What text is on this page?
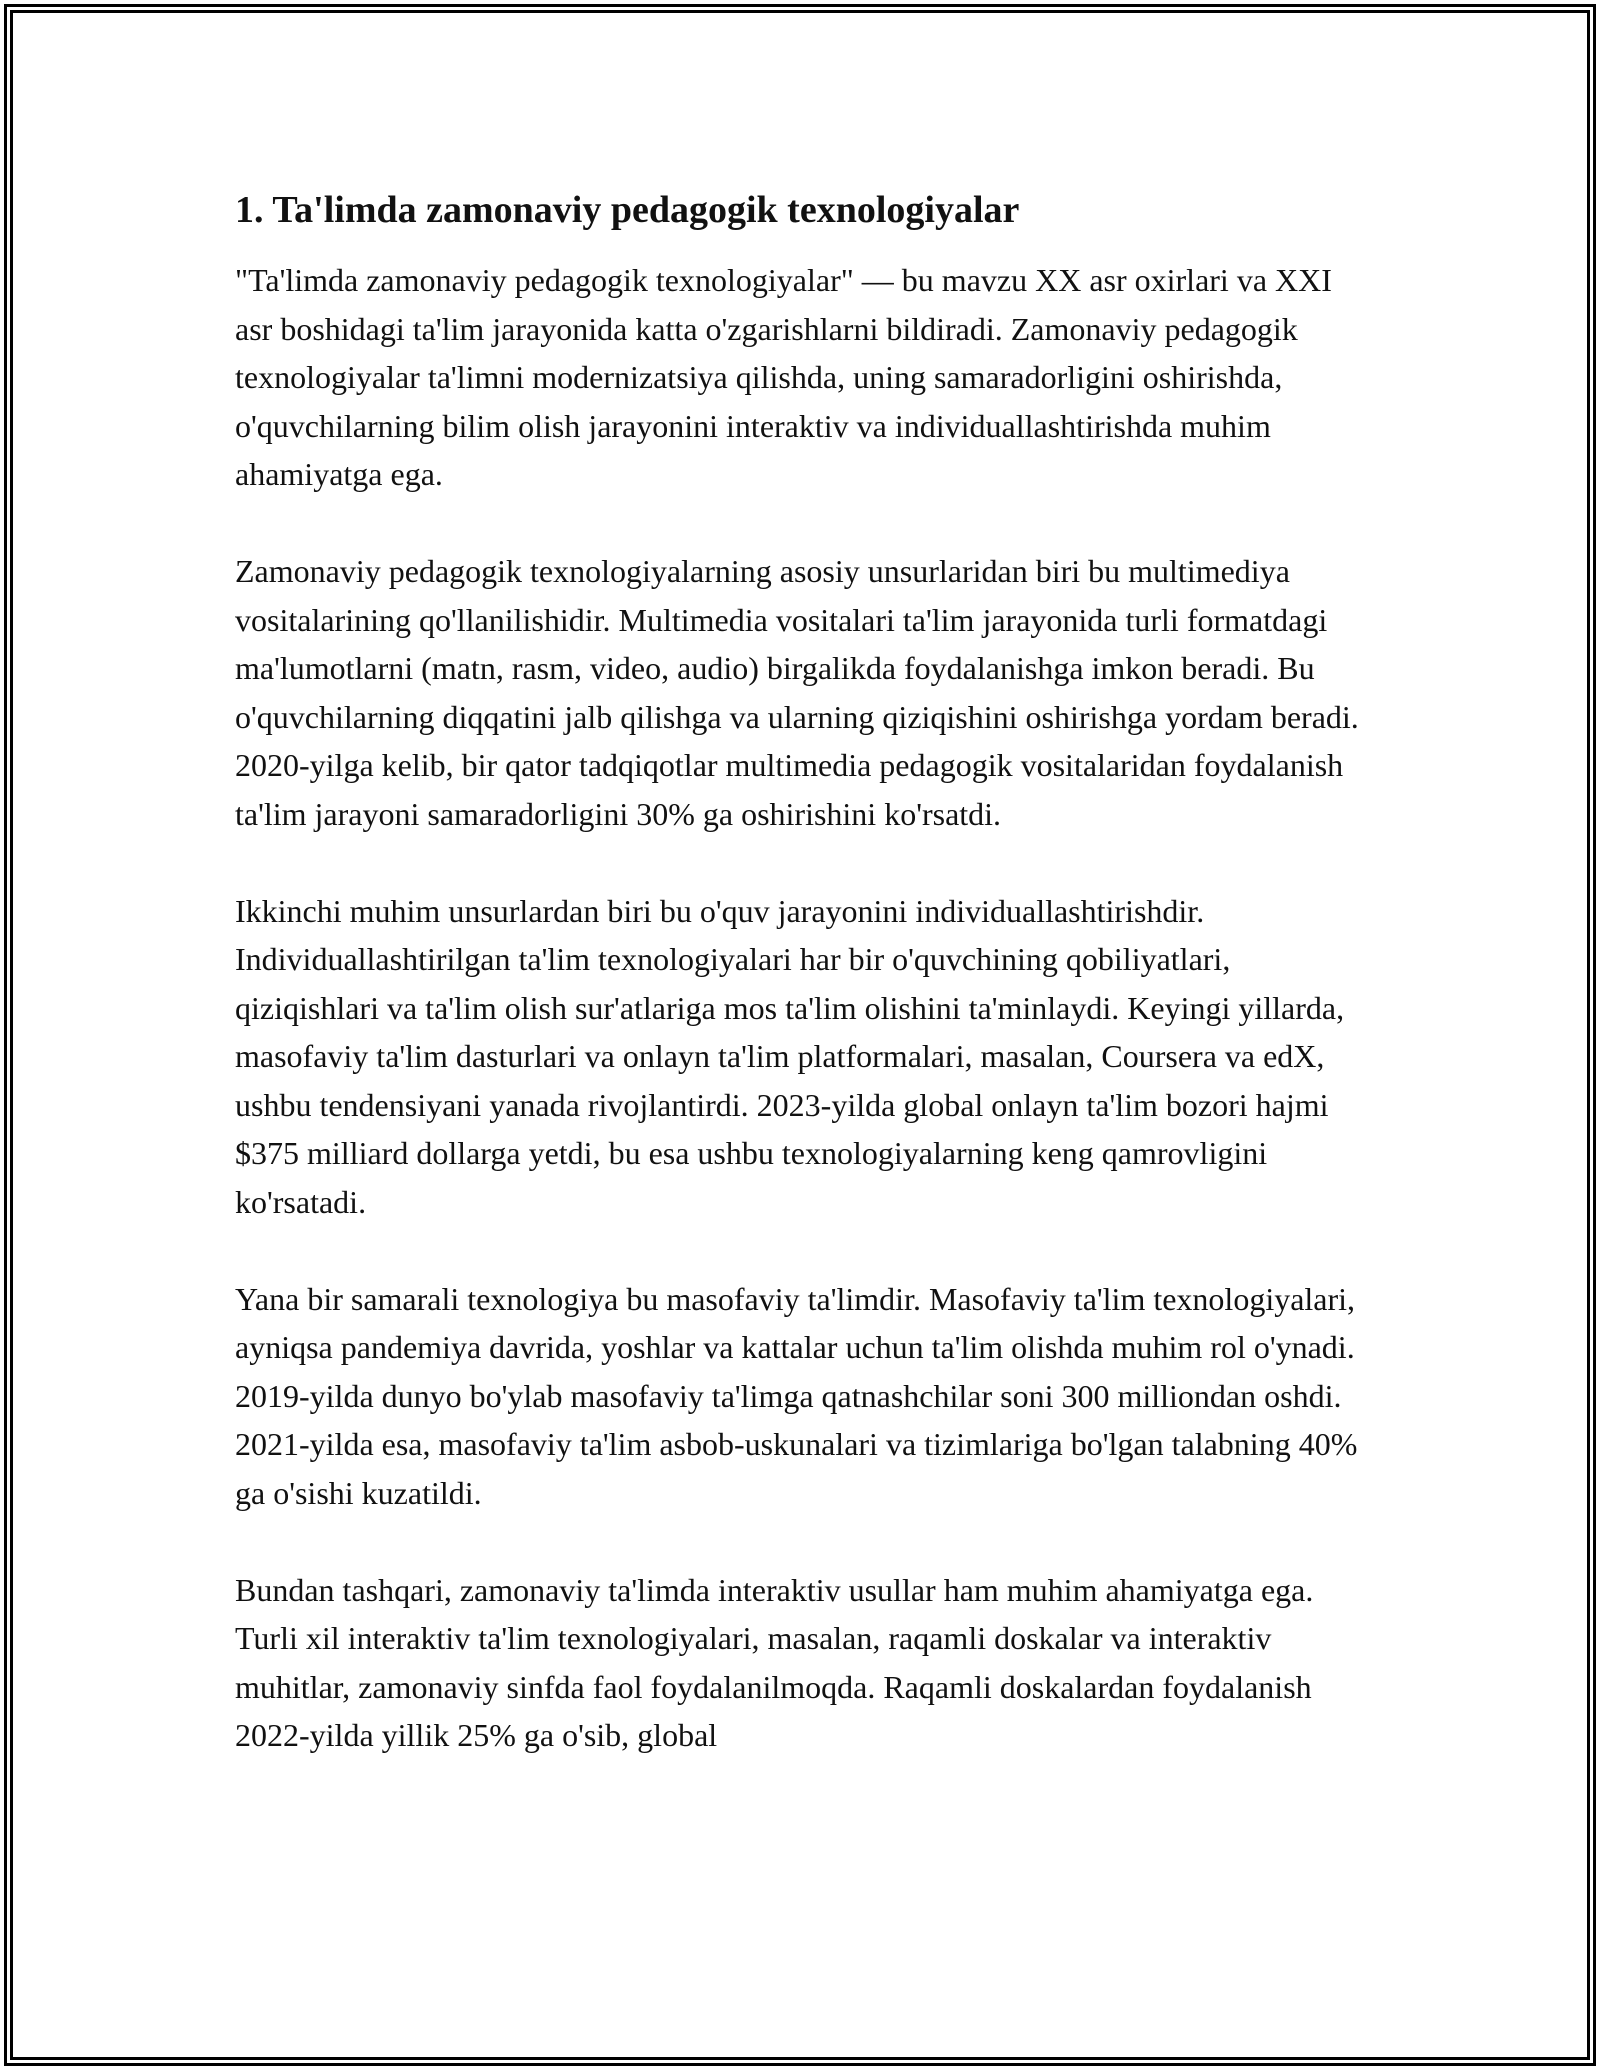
1. Ta'limda zamonaviy pedagogik texnologiyalar

"Ta'limda zamonaviy pedagogik texnologiyalar" — bu mavzu XX asr oxirlari va XXI asr boshidagi ta'lim jarayonida katta o'zgarishlarni bildiradi. Zamonaviy pedagogik texnologiyalar ta'limni modernizatsiya qilishda, uning samaradorligini oshirishda, o'quvchilarning bilim olish jarayonini interaktiv va individuallashtirishda muhim ahamiyatga ega.

Zamonaviy pedagogik texnologiyalarning asosiy unsurlaridan biri bu multimediya vositalarining qo'llanilishidir. Multimedia vositalari ta'lim jarayonida turli formatdagi ma'lumotlarni (matn, rasm, video, audio) birgalikda foydalanishga imkon beradi. Bu o'quvchilarning diqqatini jalb qilishga va ularning qiziqishini oshirishga yordam beradi. 2020-yilga kelib, bir qator tadqiqotlar multimedia pedagogik vositalaridan foydalanish ta'lim jarayoni samaradorligini 30% ga oshirishini ko'rsatdi.

Ikkinchi muhim unsurlardan biri bu o'quv jarayonini individuallashtirishdir. Individuallashtirilgan ta'lim texnologiyalari har bir o'quvchining qobiliyatlari, qiziqishlari va ta'lim olish sur'atlariga mos ta'lim olishini ta'minlaydi. Keyingi yillarda, masofaviy ta'lim dasturlari va onlayn ta'lim platformalari, masalan, Coursera va edX, ushbu tendensiyani yanada rivojlantirdi. 2023-yilda global onlayn ta'lim bozori hajmi $375 milliard dollarga yetdi, bu esa ushbu texnologiyalarning keng qamrovligini ko'rsatadi.

Yana bir samarali texnologiya bu masofaviy ta'limdir. Masofaviy ta'lim texnologiyalari, ayniqsa pandemiya davrida, yoshlar va kattalar uchun ta'lim olishda muhim rol o'ynadi. 2019-yilda dunyo bo'ylab masofaviy ta'limga qatnashchilar soni 300 milliondan oshdi. 2021-yilda esa, masofaviy ta'lim asbob-uskunalari va tizimlariga bo'lgan talabning 40% ga o'sishi kuzatildi.

Bundan tashqari, zamonaviy ta'limda interaktiv usullar ham muhim ahamiyatga ega. Turli xil interaktiv ta'lim texnologiyalari, masalan, raqamli doskalar va interaktiv muhitlar, zamonaviy sinfda faol foydalanilmoqda. Raqamli doskalardan foydalanish 2022-yilda yillik 25% ga o'sib, global
